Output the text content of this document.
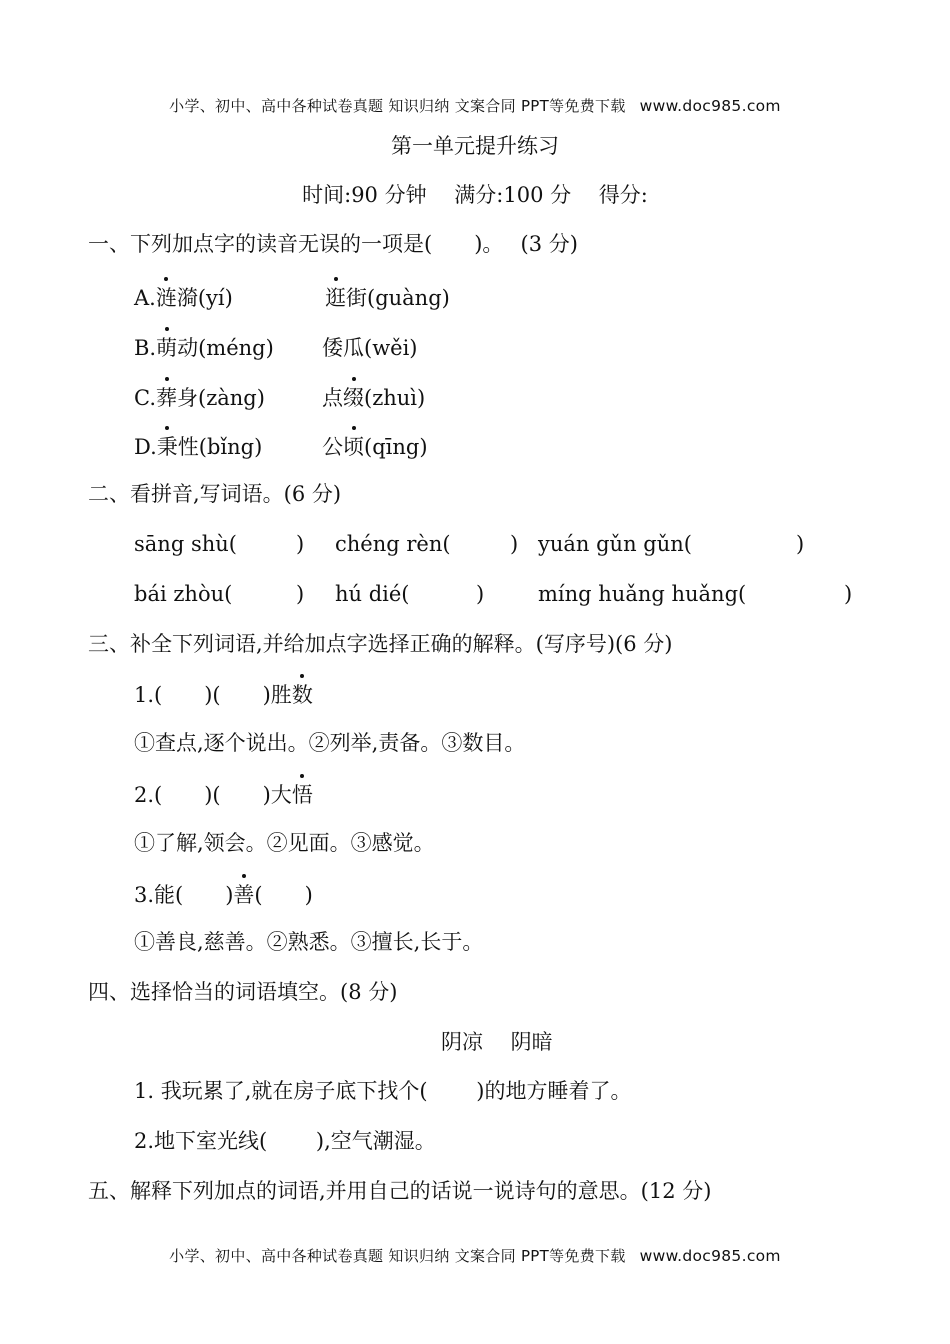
小学、初中、高中各种试卷真题 知识归纳 文案合同 PPT等免费下载 www.doc985.com
第一单元提升练习
时间:90 分钟　 满分:100 分　 得分:
一、下列加点字的读音无误的一项是(　　)。　 (3 分)
A.涟漪(yí)	逛街(guàng)
B.萌动(méng) 倭瓜(wěi)
C.葬身(zàng)	点缀(zhuì)
D.秉性(bǐng)	公顷(qīng)
二、看拼音,写词语。(6 分)
sāng shù(	) chéng rèn(	) yuán gǔn gǔn(	)
bái zhòu(	) hú dié(	)	míng huǎng huǎng(	)
三、补全下列词语,并给加点字选择正确的解释。(写序号)(6 分)
1.(　　)(　　)胜数
①查点,逐个说出。②列举,责备。③数目。
2.(　　)(　　)大悟
①了解,领会。②见面。③感觉。
3.能(　　)善(　　)
①善良,慈善。②熟悉。③擅长,长于。
四、选择恰当的词语填空。(8 分)
阴凉　 阴暗
1. 我玩累了,就在房子底下找个(　　 )的地方睡着了。
2.地下室光线(　　 ),空气潮湿。
五、解释下列加点的词语,并用自己的话说一说诗句的意思。(12 分)
小学、初中、高中各种试卷真题 知识归纳 文案合同 PPT等免费下载 www.doc985.com
